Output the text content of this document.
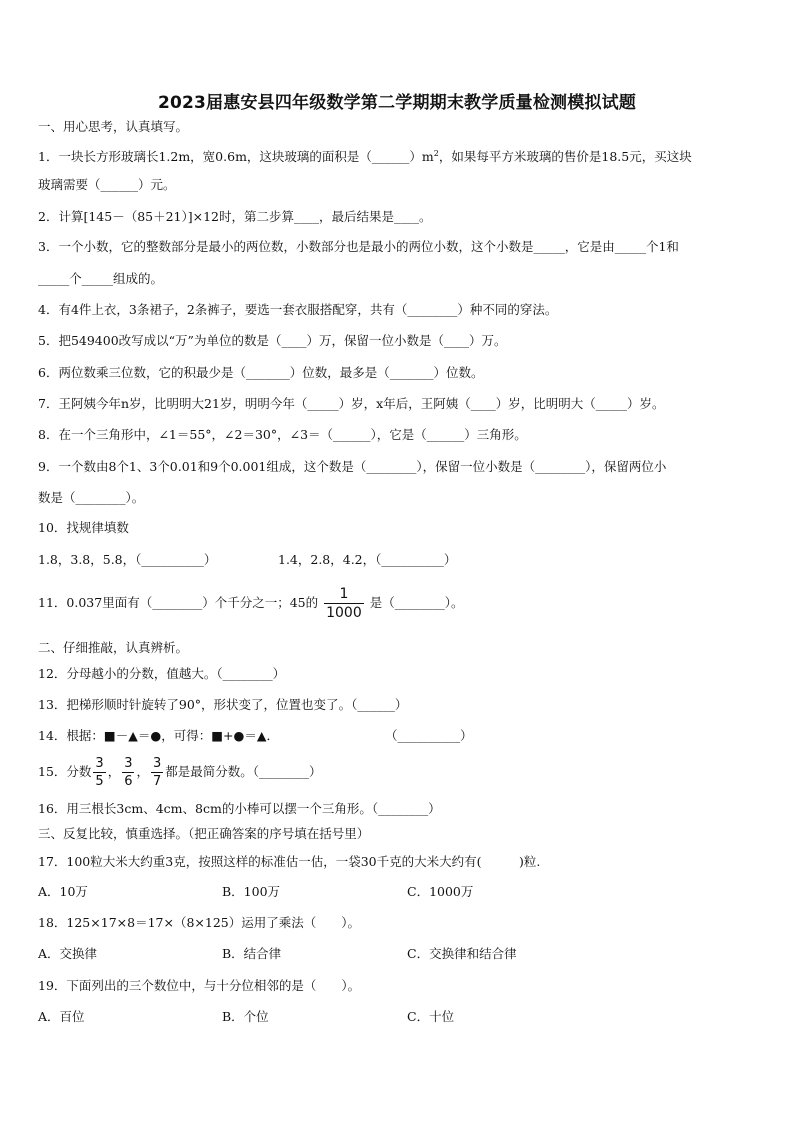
2023届惠安县四年级数学第二学期期末教学质量检测模拟试题
一、用心思考，认真填写。
1．一块长方形玻璃长1.2m，宽0.6m，这块玻璃的面积是$(\_\_\_\_\_\_)m^2$，如果每平方米玻璃的售价是18.5元，买这块
玻璃需要（______）元。
2．计算[145－（85＋21）]×12时，第二步算____，最后结果是____。
3．一个小数，它的整数部分是最小的两位数，小数部分也是最小的两位小数，这个小数是_____，它是由_____个1和
_____个_____组成的。
4．有4件上衣，3条裙子，2条裤子，要选一套衣服搭配穿，共有（________）种不同的穿法。
5．把549400改写成以“万”为单位的数是（____）万，保留一位小数是（____）万。
6．两位数乘三位数，它的积最少是（_______）位数，最多是（_______）位数。
7．王阿姨今年n岁，比明明大21岁，明明今年（_____）岁，x年后，王阿姨（____）岁，比明明大（_____）岁。
8．在一个三角形中，∠1＝55°，∠2＝30°，∠3＝（______），它是（______）三角形。
9．一个数由8个1、3个0.01和9个0.001组成，这个数是（________），保留一位小数是（________），保留两位小
数是（________）。
10．找规律填数
1.8，3.8，5.8，（__________）	1.4，2.8，4.2，（__________）
11．0.037里面有（________）个千分之一；45的 $\frac{1}{1000}$ 是（________）。
二、仔细推敲，认真辨析。
12．分母越小的分数，值越大。（________）
13．把梯形顺时针旋转了90°，形状变了，位置也变了。（______）
14．根据：■－▲＝●，可得：■+●＝▲．	（__________）
15．分数 $\frac{3}{5}$ ， $\frac{3}{6}$ ， $\frac{3}{7}$ 都是最简分数。（________）
16．用三根长3cm、4cm、8cm的小棒可以摆一个三角形。（________）
三、反复比较，慎重选择。（把正确答案的序号填在括号里）
17．100粒大米大约重3克，按照这样的标准估一估，一袋30千克的大米大约有(　　　)粒.
A．10万	B．100万	C．1000万
18．125×17×8＝17×（8×125）运用了乘法（　　）。
A．交换律	B．结合律	C．交换律和结合律
19．下面列出的三个数位中，与十分位相邻的是（　　）。
A．百位	B．个位	C．十位
